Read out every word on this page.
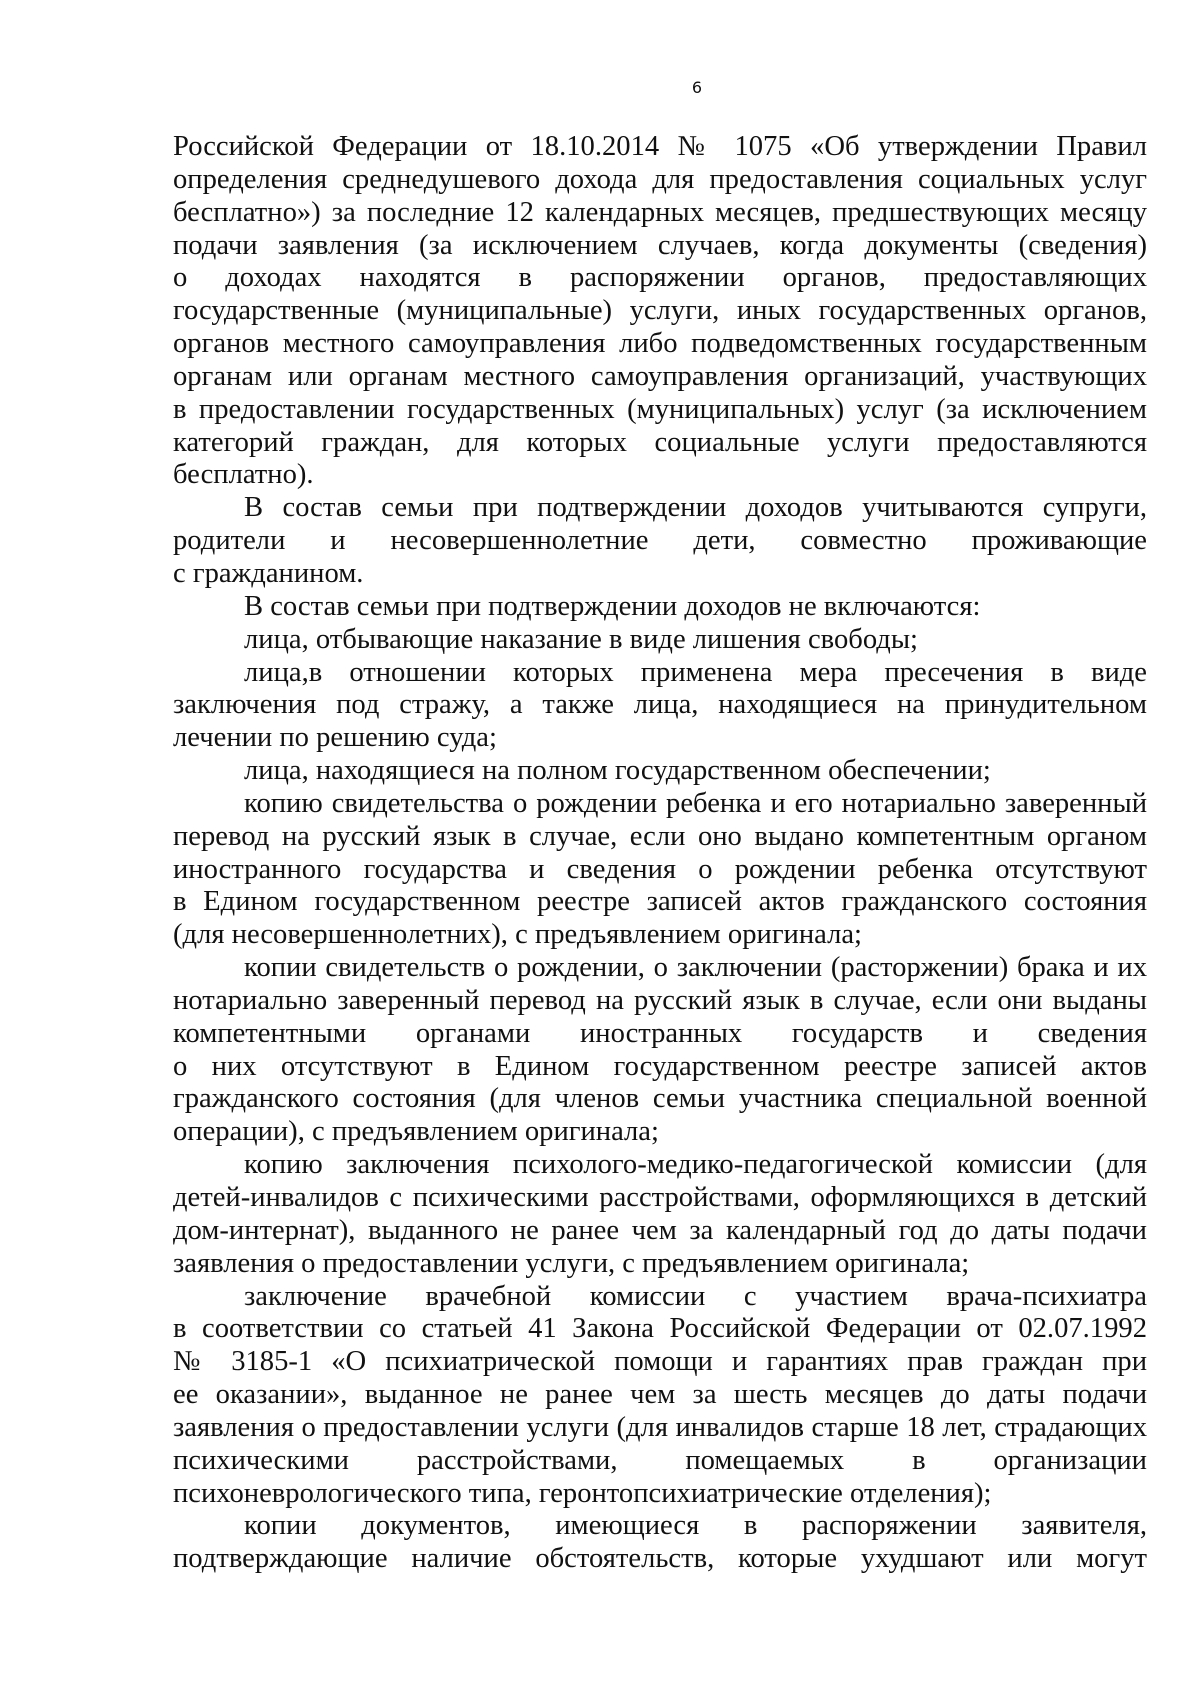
6
Российской Федерации от 18.10.2014 № 1075 «Об утверждении Правил
определения среднедушевого дохода для предоставления социальных услуг
бесплатно») за последние 12 календарных месяцев, предшествующих месяцу
подачи заявления (за исключением случаев, когда документы (сведения)
о доходах находятся в распоряжении органов, предоставляющих
государственные (муниципальные) услуги, иных государственных органов,
органов местного самоуправления либо подведомственных государственным
органам или органам местного самоуправления организаций, участвующих
в предоставлении государственных (муниципальных) услуг (за исключением
категорий граждан, для которых социальные услуги предоставляются
бесплатно).
В состав семьи при подтверждении доходов учитываются супруги,
родители и несовершеннолетние дети, совместно проживающие
с гражданином.
В состав семьи при подтверждении доходов не включаются:
лица, отбывающие наказание в виде лишения свободы;
лица,в отношении которых применена мера пресечения в виде
заключения под стражу, а также лица, находящиеся на принудительном
лечении по решению суда;
лица, находящиеся на полном государственном обеспечении;
копию свидетельства о рождении ребенка и его нотариально заверенный
перевод на русский язык в случае, если оно выдано компетентным органом
иностранного государства и сведения о рождении ребенка отсутствуют
в Едином государственном реестре записей актов гражданского состояния
(для несовершеннолетних), с предъявлением оригинала;
копии свидетельств о рождении, о заключении (расторжении) брака и их
нотариально заверенный перевод на русский язык в случае, если они выданы
компетентными органами иностранных государств и сведения
о них отсутствуют в Едином государственном реестре записей актов
гражданского состояния (для членов семьи участника специальной военной
операции), с предъявлением оригинала;
копию заключения психолого-медико-педагогической комиссии (для
детей-инвалидов с психическими расстройствами, оформляющихся в детский
дом-интернат), выданного не ранее чем за календарный год до даты подачи
заявления о предоставлении услуги, с предъявлением оригинала;
заключение врачебной комиссии с участием врача-психиатра
в соответствии со статьей 41 Закона Российской Федерации от 02.07.1992
№ 3185-1 «О психиатрической помощи и гарантиях прав граждан при
ее оказании», выданное не ранее чем за шесть месяцев до даты подачи
заявления о предоставлении услуги (для инвалидов старше 18 лет, страдающих
психическими расстройствами, помещаемых в организации
психоневрологического типа, геронтопсихиатрические отделения);
копии документов, имеющиеся в распоряжении заявителя,
подтверждающие наличие обстоятельств, которые ухудшают или могут
